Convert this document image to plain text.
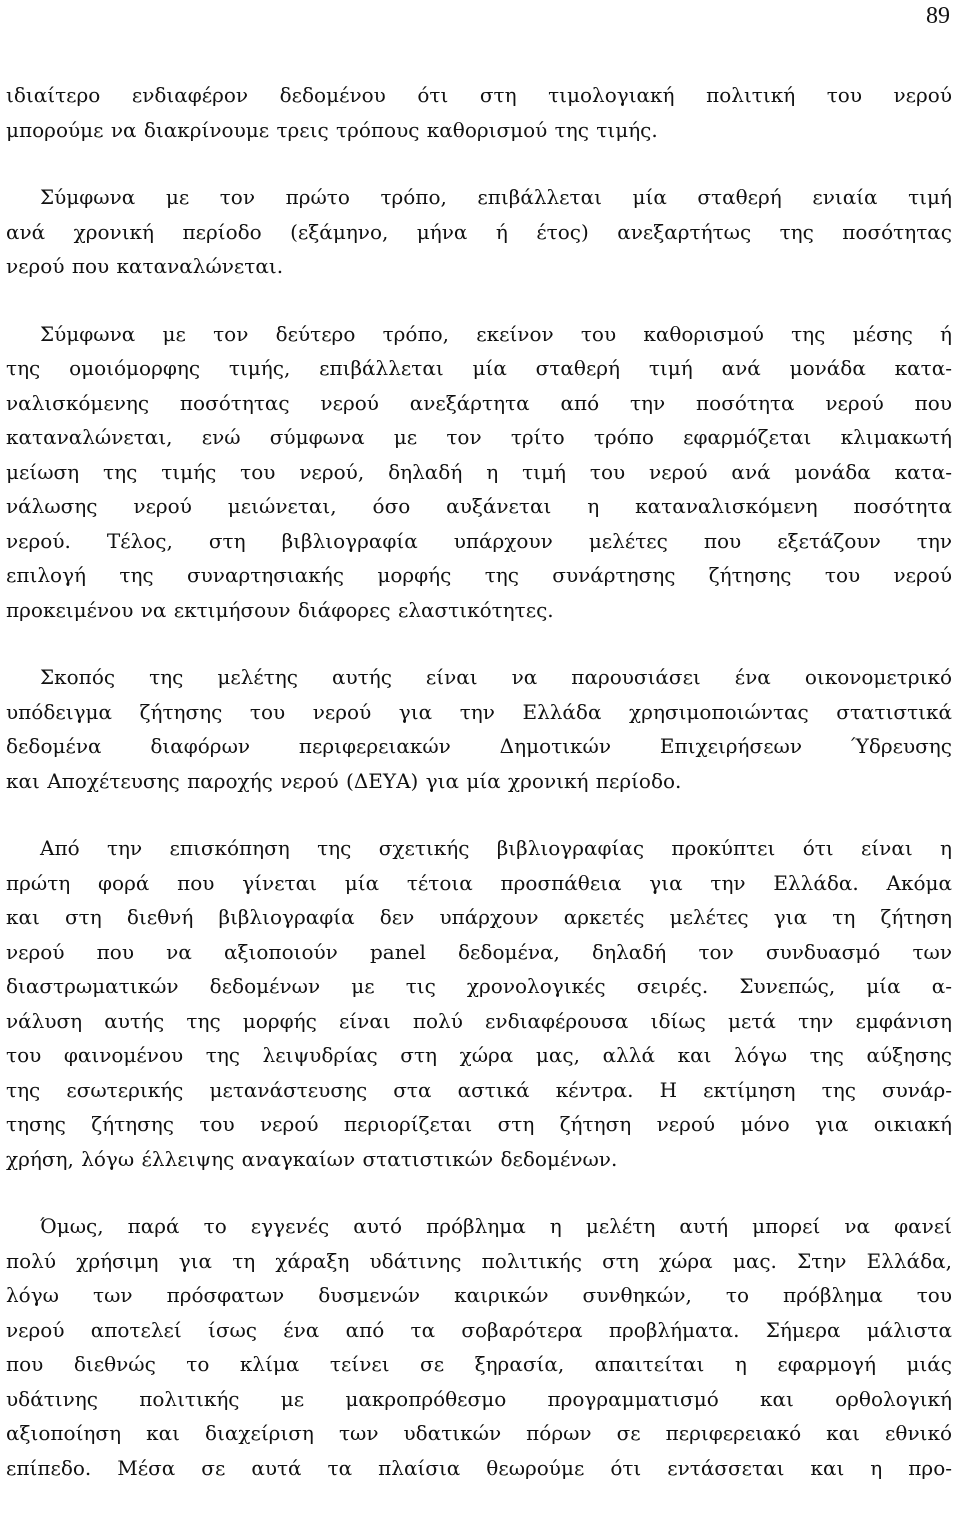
89

ιδιαίτερο ενδιαφέρον δεδομένου ότι στη τιμολογιακή πολιτική του νερού
μπορούμε να διακρίνουμε τρεις τρόπους καθορισμού της τιμής.

Σύμφωνα με τον πρώτο τρόπο, επιβάλλεται μία σταθερή ενιαία τιμή
ανά χρονική περίοδο (εξάμηνο, μήνα ή έτος) ανεξαρτήτως της ποσότητας
νερού που καταναλώνεται.

Σύμφωνα με τον δεύτερο τρόπο, εκείνον του καθορισμού της μέσης ή
της ομοιόμορφης τιμής, επιβάλλεται μία σταθερή τιμή ανά μονάδα κατα-
ναλισκόμενης ποσότητας νερού ανεξάρτητα από την ποσότητα νερού που
καταναλώνεται, ενώ σύμφωνα με τον τρίτο τρόπο εφαρμόζεται κλιμακωτή
μείωση της τιμής του νερού, δηλαδή η τιμή του νερού ανά μονάδα κατα-
νάλωσης νερού μειώνεται, όσο αυξάνεται η καταναλισκόμενη ποσότητα
νερού. Τέλος, στη βιβλιογραφία υπάρχουν μελέτες που εξετάζουν την
επιλογή της συναρτησιακής μορφής της συνάρτησης ζήτησης του νερού
προκειμένου να εκτιμήσουν διάφορες ελαστικότητες.

Σκοπός της μελέτης αυτής είναι να παρουσιάσει ένα οικονομετρικό
υπόδειγμα ζήτησης του νερού για την Ελλάδα χρησιμοποιώντας στατιστικά
δεδομένα διαφόρων περιφερειακών Δημοτικών Επιχειρήσεων Ύδρευσης
και Αποχέτευσης παροχής νερού (ΔΕΥΑ) για μία χρονική περίοδο.

Από την επισκόπηση της σχετικής βιβλιογραφίας προκύπτει ότι είναι η
πρώτη φορά που γίνεται μία τέτοια προσπάθεια για την Ελλάδα. Ακόμα
και στη διεθνή βιβλιογραφία δεν υπάρχουν αρκετές μελέτες για τη ζήτηση
νερού που να αξιοποιούν panel δεδομένα, δηλαδή τον συνδυασμό των
διαστρωματικών δεδομένων με τις χρονολογικές σειρές. Συνεπώς, μία α-
νάλυση αυτής της μορφής είναι πολύ ενδιαφέρουσα ιδίως μετά την εμφάνιση
του φαινομένου της λειψυδρίας στη χώρα μας, αλλά και λόγω της αύξησης
της εσωτερικής μετανάστευσης στα αστικά κέντρα. Η εκτίμηση της συνάρ-
τησης ζήτησης του νερού περιορίζεται στη ζήτηση νερού μόνο για οικιακή
χρήση, λόγω έλλειψης αναγκαίων στατιστικών δεδομένων.

Όμως, παρά το εγγενές αυτό πρόβλημα η μελέτη αυτή μπορεί να φανεί
πολύ χρήσιμη για τη χάραξη υδάτινης πολιτικής στη χώρα μας. Στην Ελλάδα,
λόγω των πρόσφατων δυσμενών καιρικών συνθηκών, το πρόβλημα του
νερού αποτελεί ίσως ένα από τα σοβαρότερα προβλήματα. Σήμερα μάλιστα
που διεθνώς το κλίμα τείνει σε ξηρασία, απαιτείται η εφαρμογή μιάς
υδάτινης πολιτικής με μακροπρόθεσμο προγραμματισμό και ορθολογική
αξιοποίηση και διαχείριση των υδατικών πόρων σε περιφερειακό και εθνικό
επίπεδο. Μέσα σε αυτά τα πλαίσια θεωρούμε ότι εντάσσεται και η προ-
